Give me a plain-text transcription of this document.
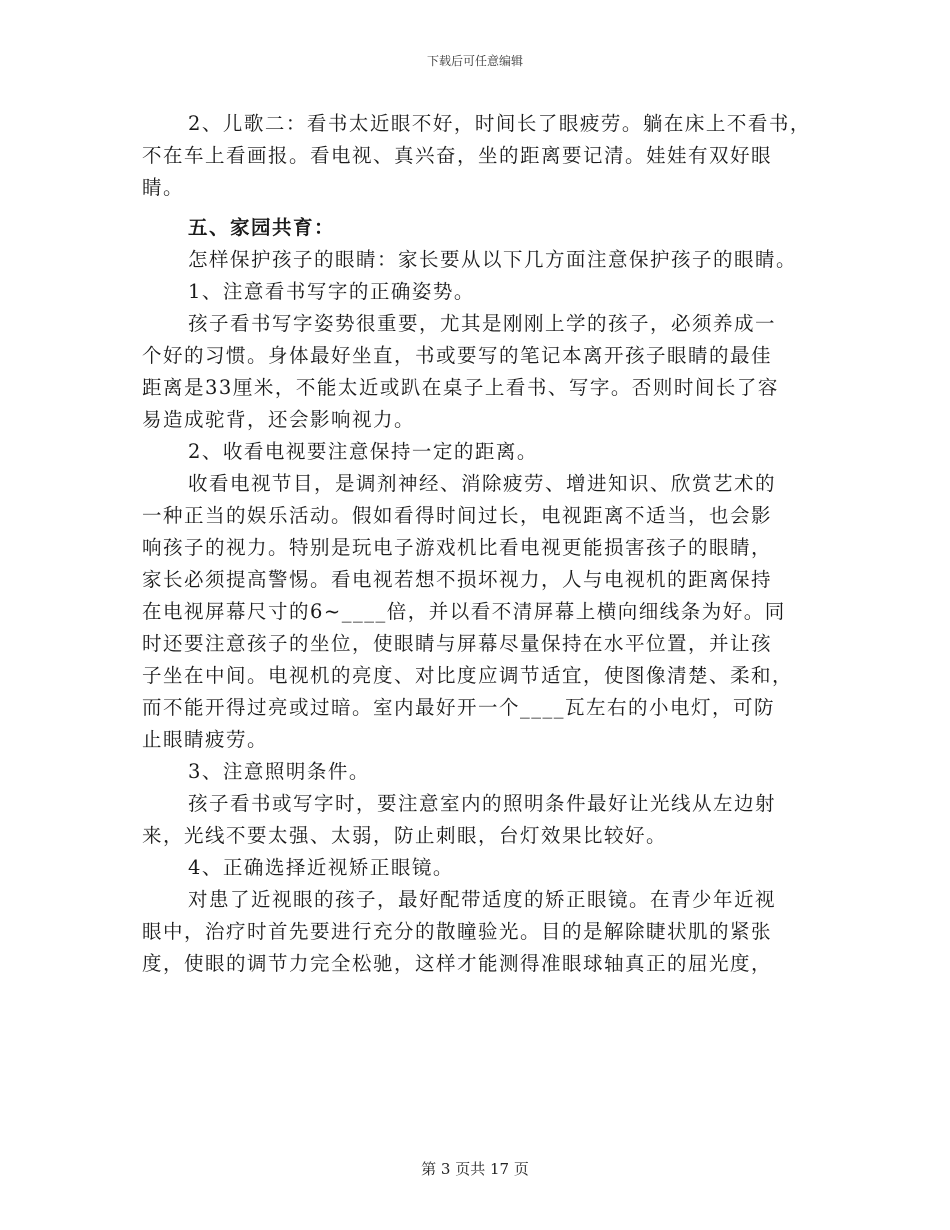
下载后可任意编辑
2、儿歌二：看书太近眼不好，时间长了眼疲劳。躺在床上不看书，
不在车上看画报。看电视、真兴奋，坐的距离要记清。娃娃有双好眼
睛。
五、家园共育：
怎样保护孩子的眼睛：家长要从以下几方面注意保护孩子的眼睛。
1、注意看书写字的正确姿势。
孩子看书写字姿势很重要，尤其是刚刚上学的孩子，必须养成一
个好的习惯。身体最好坐直，书或要写的笔记本离开孩子眼睛的最佳
距离是33厘米，不能太近或趴在桌子上看书、写字。否则时间长了容
易造成驼背，还会影响视力。
2、收看电视要注意保持一定的距离。
收看电视节目，是调剂神经、消除疲劳、增进知识、欣赏艺术的
一种正当的娱乐活动。假如看得时间过长，电视距离不适当，也会影
响孩子的视力。特别是玩电子游戏机比看电视更能损害孩子的眼睛，
家长必须提高警惕。看电视若想不损坏视力，人与电视机的距离保持
在电视屏幕尺寸的6~____倍，并以看不清屏幕上横向细线条为好。同
时还要注意孩子的坐位，使眼睛与屏幕尽量保持在水平位置，并让孩
子坐在中间。电视机的亮度、对比度应调节适宜，使图像清楚、柔和，
而不能开得过亮或过暗。室内最好开一个____瓦左右的小电灯，可防
止眼睛疲劳。
3、注意照明条件。
孩子看书或写字时，要注意室内的照明条件最好让光线从左边射
来，光线不要太强、太弱，防止刺眼，台灯效果比较好。
4、正确选择近视矫正眼镜。
对患了近视眼的孩子，最好配带适度的矫正眼镜。在青少年近视
眼中，治疗时首先要进行充分的散瞳验光。目的是解除睫状肌的紧张
度，使眼的调节力完全松驰，这样才能测得准眼球轴真正的屈光度，
第 3 页共 17 页
